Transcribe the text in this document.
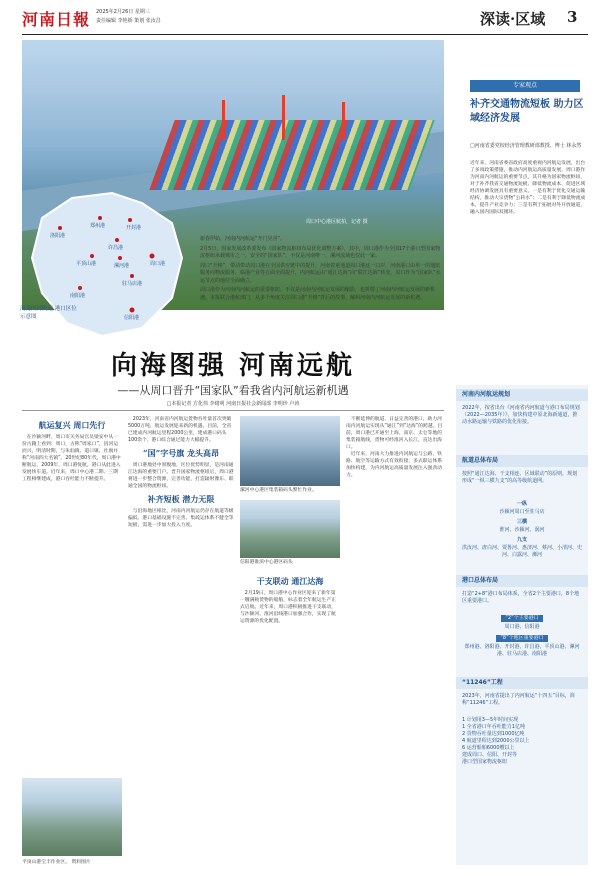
河南日報 2025年2月26日 星期三
责任编辑 李艳娇 策划 张汝昌	深读·区域 3
周口中心港区航拍，记者 摄
洛阳港
郑州港	开封港
许昌港
平顶山港	漯河港	周口港
驻马店港
南阳港
信阳港
河南内河航运 港口区位示意图

新春伊始，河南内河航运“开门见喜”。

2月5日，国家发展改革委发布《国家物流枢纽布局优化调整方案》，其中，周口港作为全国17个港口型国家物流枢纽承载城市之一，安全的“国家队”，不仅是河南唯一，漯河流域也仅此一家。

周口“升格”，带动带动周口港在全国供应链中的提升。河南着重通道周口港这一口岸，河南港口由单一的通航服务向物流服务、临港产业等方面全面提升，内河航运由“通江达海”向“联江达海”转变，周口作为“国家队”水运节点的地位全面确立。

周口港作为河南内河航运的重要枢纽，不仅是河南内河航运发展的缩影，也折射了河南内河航运发展的新机遇，本报联合港航部门，从多个角度关注周口港“升格”背后的故事，解码河南内河航运发展的新机遇。

专家观点
补齐交通物流短板 助力区域经济发展
□河南省委党校经济管理教研部教授、博士 林永然
近年来，河南省委省政府高度重视内河航运发展，出台了多项政策措施，推动内河航运高质量发展。周口港作为河南内河航运的重要节点，其升格为国家物流枢纽，对于补齐我省交通物流短板、降低物流成本、促进区域经济协调发展具有重要意义。一是有利于优化交通运输结构，推动大宗货物“公转水”；二是有利于降低物流成本，提升产业竞争力；三是有利于拓展对外开放通道，融入国内国际双循环。
向海图强 河南远航
——从周口晋升“国家队”看我省内河航运新机遇
□本报记者 方化伟 李绪明 河南日报社会新闻部 李明珍 卢涛
航运复兴 周口先行

在沙颍河畔，周口市关务局官员梁安中从一份古籍上看到：周口，古称“周家口”，因河运而兴，明清时期，与朱仙镇、道口镇、社旗并称“河南四大名镇”。20世纪80年代，周口港中断航运，2009年，周口港复航，港口从此进入发展快车道。近年来，周口中心港二期、三期工程相继建成，港口吞吐能力不断提升。

平顶山港宝丰作业区。 资料图片

2023年，河南省内河航运货物吞吐量首次突破5000万吨，航运发展迎来新的机遇。目前，全省已建成内河航运里程2000公里，建成港口码头100余个，港口综合通过能力大幅提升。

“国”字号旗 龙头高昂

周口港地处中原腹地，区位优势明显，是河南通江达海的重要门户。晋升国家物流枢纽后，周口港将进一步整合资源，完善功能，打造辐射豫东、联通全国的物流枢纽。

补齐短板 潜力无限

与沿海地区相比，河南内河航运仍存在航道等级偏低、港口基础设施不完善、集疏运体系不健全等短板，需进一步加大投入力度。

漯河中心港区集装箱码头繁忙作业。
信阳港淮滨中心港区码头
干支联动 通江达海

2月19日，周口港中心作业区迎来了新年第一艘满载货物的船舶，标志着全年航运生产正式启航。近年来，周口港积极推进干支联动，与沙颍河、淮河沿线港口加强合作，实现了航运资源的优化配置。

不断延伸的航道、日益完善的港口，助力河南内河航运实现从“通江”到“达海”的跨越。目前，周口港已开通至上海、南京、太仓等地的集装箱航线，货物可经淮河入长江，直达出海口。

近年来，河南大力推进内河航运与公路、铁路、航空等运输方式有效衔接，多式联运体系加快构建，为内河航运高质量发展注入强劲动力。

河南内河航运规划
2022年，按省出台《河南省内河航道与港口布局规划（2022—2035年）》，加快构建中原北海新通道，推动水路运输与铁路的优化衔接。
航道总体布局
按照“通江达海、干支相连、区域联动”的原则，规划形成“一纵三横九支”的高等级航道网。
一纵
沙颍河周口至驻马店
三横
淮河、沙颍河、涡河
九支
洪汝河、唐白河、贾鲁河、惠济河、蔡河、小清河、史河、白露河、浉河
港口总体布局
打造“2+8”港口布局体系，全省2个主要港口，8个地区重要港口。
“2”个主要港口
周口港、信阳港
“8”个地区重要港口
郑州港、洛阳港、开封港、许昌港、平顶山港、漯河港、驻马店港、南阳港
“11246”工程
2023年，河南省提出了内河航运“十四五”目标，简称“11246”工程。
1 计划用3—5年时间实现
1 全省港口年吞吐能力1亿吨
2 货物吞吐量达到1000亿吨
4 航道里程达到2000公里以上
6 运营船舶6000艘以上
建成周口、信阳、开封等
港口型国家物流枢纽
